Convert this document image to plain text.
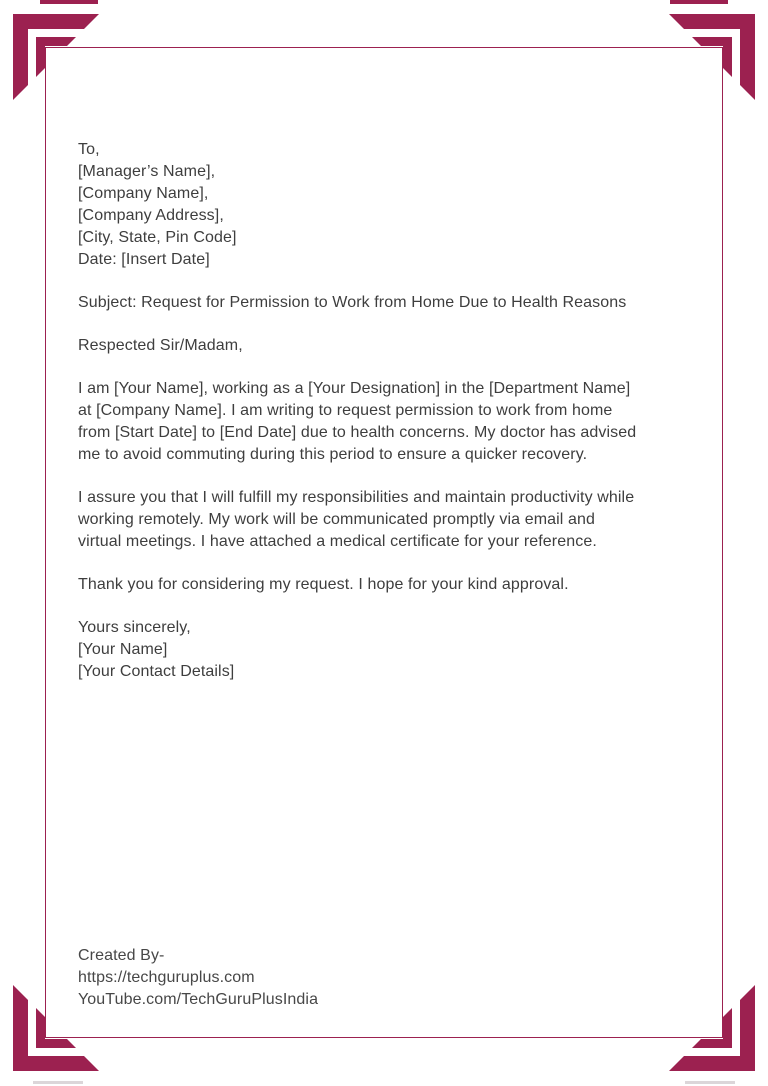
To,
[Manager’s Name],
[Company Name],
[Company Address],
[City, State, Pin Code]
Date: [Insert Date]
Subject: Request for Permission to Work from Home Due to Health Reasons
Respected Sir/Madam,
I am [Your Name], working as a [Your Designation] in the [Department Name]
at [Company Name]. I am writing to request permission to work from home
from [Start Date] to [End Date] due to health concerns. My doctor has advised
me to avoid commuting during this period to ensure a quicker recovery.
I assure you that I will fulfill my responsibilities and maintain productivity while
working remotely. My work will be communicated promptly via email and
virtual meetings. I have attached a medical certificate for your reference.
Thank you for considering my request. I hope for your kind approval.
Yours sincerely,
[Your Name]
[Your Contact Details]
Created By-
https://techguruplus.com
YouTube.com/TechGuruPlusIndia
